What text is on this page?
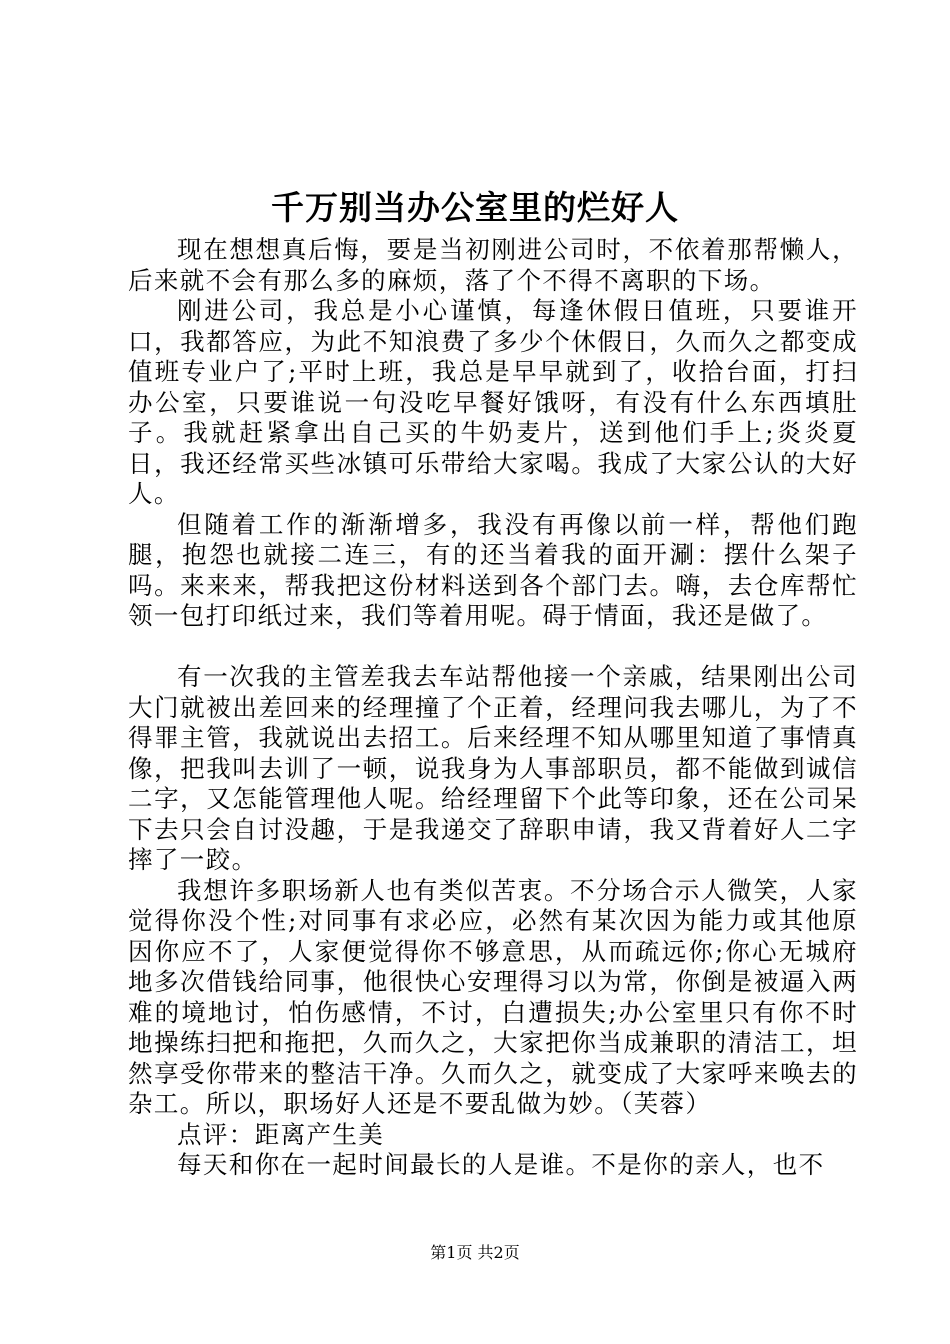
千万别当办公室里的烂好人

现在想想真后悔，要是当初刚进公司时，不依着那帮懒人，后来就不会有那么多的麻烦，落了个不得不离职的下场。

刚进公司，我总是小心谨慎，每逢休假日值班，只要谁开口，我都答应，为此不知浪费了多少个休假日，久而久之都变成值班专业户了;平时上班，我总是早早就到了，收拾台面，打扫办公室，只要谁说一句没吃早餐好饿呀，有没有什么东西填肚子。我就赶紧拿出自己买的牛奶麦片，送到他们手上;炎炎夏日，我还经常买些冰镇可乐带给大家喝。我成了大家公认的大好人。

但随着工作的渐渐增多，我没有再像以前一样，帮他们跑腿，抱怨也就接二连三，有的还当着我的面开涮：摆什么架子吗。来来来，帮我把这份材料送到各个部门去。嗨，去仓库帮忙领一包打印纸过来，我们等着用呢。碍于情面，我还是做了。

有一次我的主管差我去车站帮他接一个亲戚，结果刚出公司大门就被出差回来的经理撞了个正着，经理问我去哪儿，为了不得罪主管，我就说出去招工。后来经理不知从哪里知道了事情真像，把我叫去训了一顿，说我身为人事部职员，都不能做到诚信二字，又怎能管理他人呢。给经理留下个此等印象，还在公司呆下去只会自讨没趣，于是我递交了辞职申请，我又背着好人二字摔了一跤。

我想许多职场新人也有类似苦衷。不分场合示人微笑，人家觉得你没个性;对同事有求必应，必然有某次因为能力或其他原因你应不了，人家便觉得你不够意思，从而疏远你;你心无城府地多次借钱给同事，他很快心安理得习以为常，你倒是被逼入两难的境地讨，怕伤感情，不讨，白遭损失;办公室里只有你不时地操练扫把和拖把，久而久之，大家把你当成兼职的清洁工，坦然享受你带来的整洁干净。久而久之，就变成了大家呼来唤去的杂工。所以，职场好人还是不要乱做为妙。（芙蓉）

点评：距离产生美

每天和你在一起时间最长的人是谁。不是你的亲人，也不

第1页 共2页
